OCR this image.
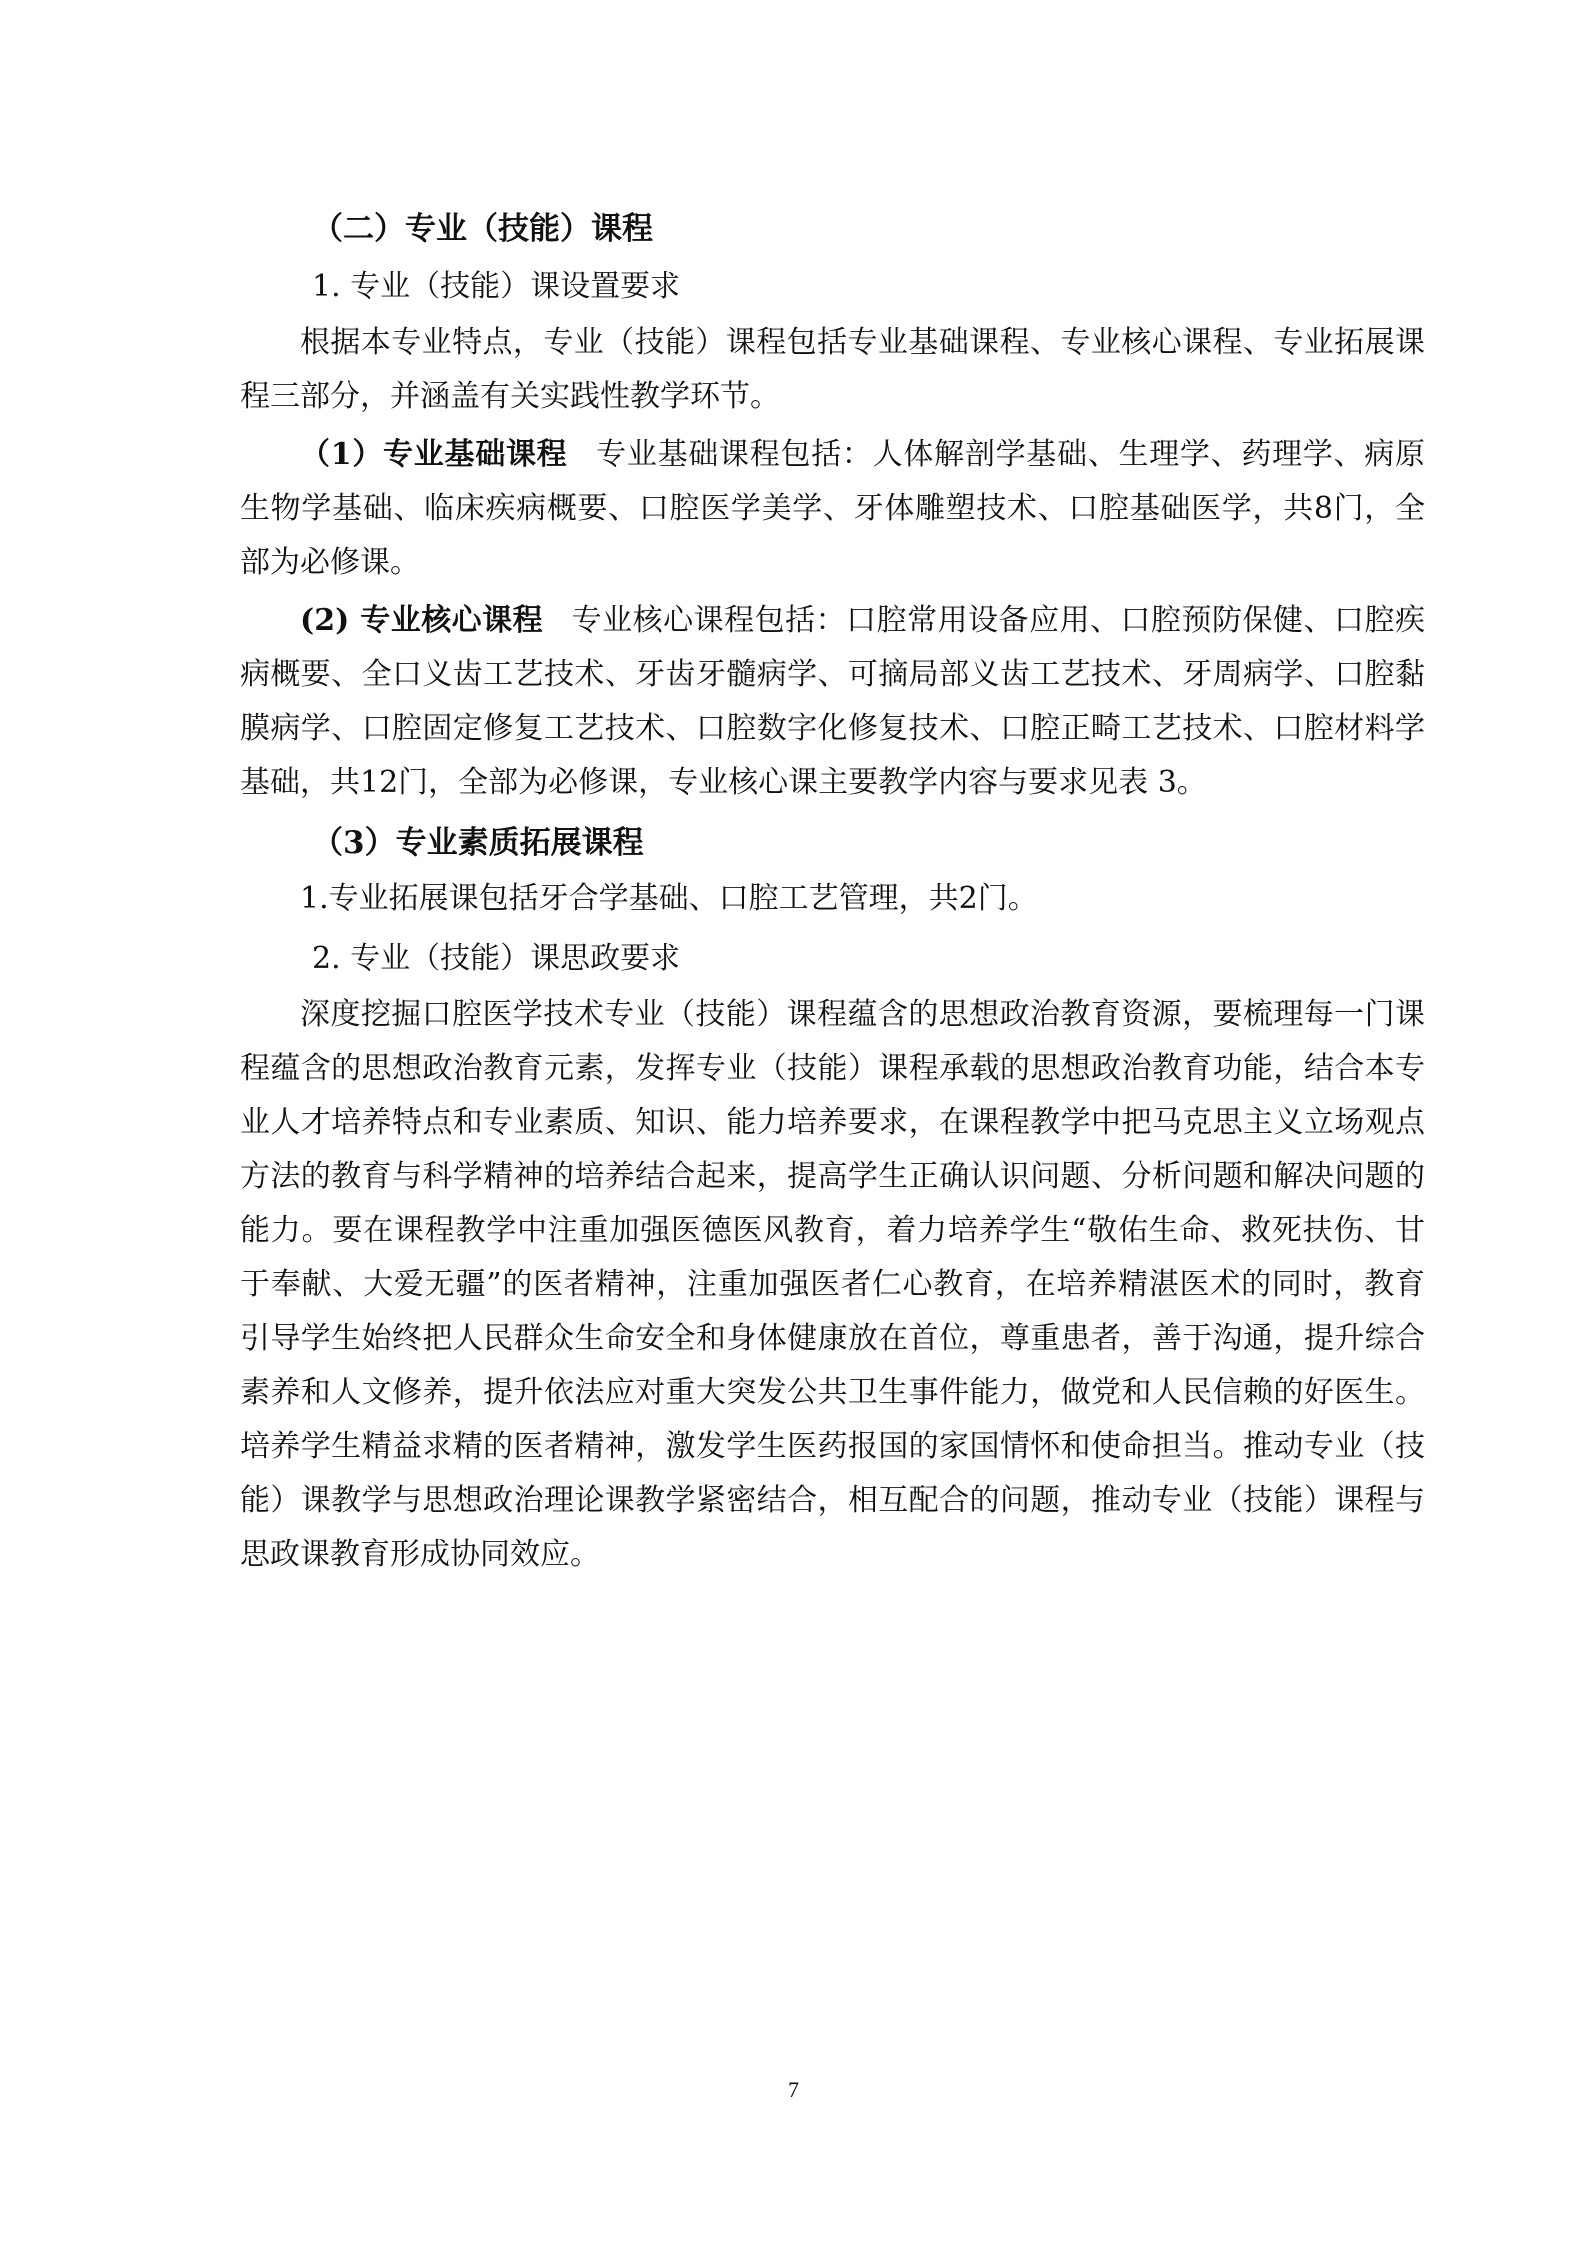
（二）专业（技能）课程
1. 专业（技能）课设置要求

根据本专业特点，专业（技能）课程包括专业基础课程、专业核心课程、专业拓展课程三部分，并涵盖有关实践性教学环节。

（1）专业基础课程 专业基础课程包括：人体解剖学基础、生理学、药理学、病原生物学基础、临床疾病概要、口腔医学美学、牙体雕塑技术、口腔基础医学，共8门，全部为必修课。

(2) 专业核心课程 专业核心课程包括：口腔常用设备应用、口腔预防保健、口腔疾病概要、全口义齿工艺技术、牙齿牙髓病学、可摘局部义齿工艺技术、牙周病学、口腔黏膜病学、口腔固定修复工艺技术、口腔数字化修复技术、口腔正畸工艺技术、口腔材料学基础，共12门，全部为必修课，专业核心课主要教学内容与要求见表 3。

（3）专业素质拓展课程

1.专业拓展课包括牙合学基础、口腔工艺管理，共2门。

2. 专业（技能）课思政要求

深度挖掘口腔医学技术专业（技能）课程蕴含的思想政治教育资源，要梳理每一门课程蕴含的思想政治教育元素，发挥专业（技能）课程承载的思想政治教育功能，结合本专业人才培养特点和专业素质、知识、能力培养要求，在课程教学中把马克思主义立场观点方法的教育与科学精神的培养结合起来，提高学生正确认识问题、分析问题和解决问题的能力。要在课程教学中注重加强医德医风教育，着力培养学生“敬佑生命、救死扶伤、甘于奉献、大爱无疆”的医者精神，注重加强医者仁心教育，在培养精湛医术的同时，教育引导学生始终把人民群众生命安全和身体健康放在首位，尊重患者，善于沟通，提升综合素养和人文修养，提升依法应对重大突发公共卫生事件能力，做党和人民信赖的好医生。培养学生精益求精的医者精神，激发学生医药报国的家国情怀和使命担当。推动专业（技能）课教学与思想政治理论课教学紧密结合，相互配合的问题，推动专业（技能）课程与思政课教育形成协同效应。

7
